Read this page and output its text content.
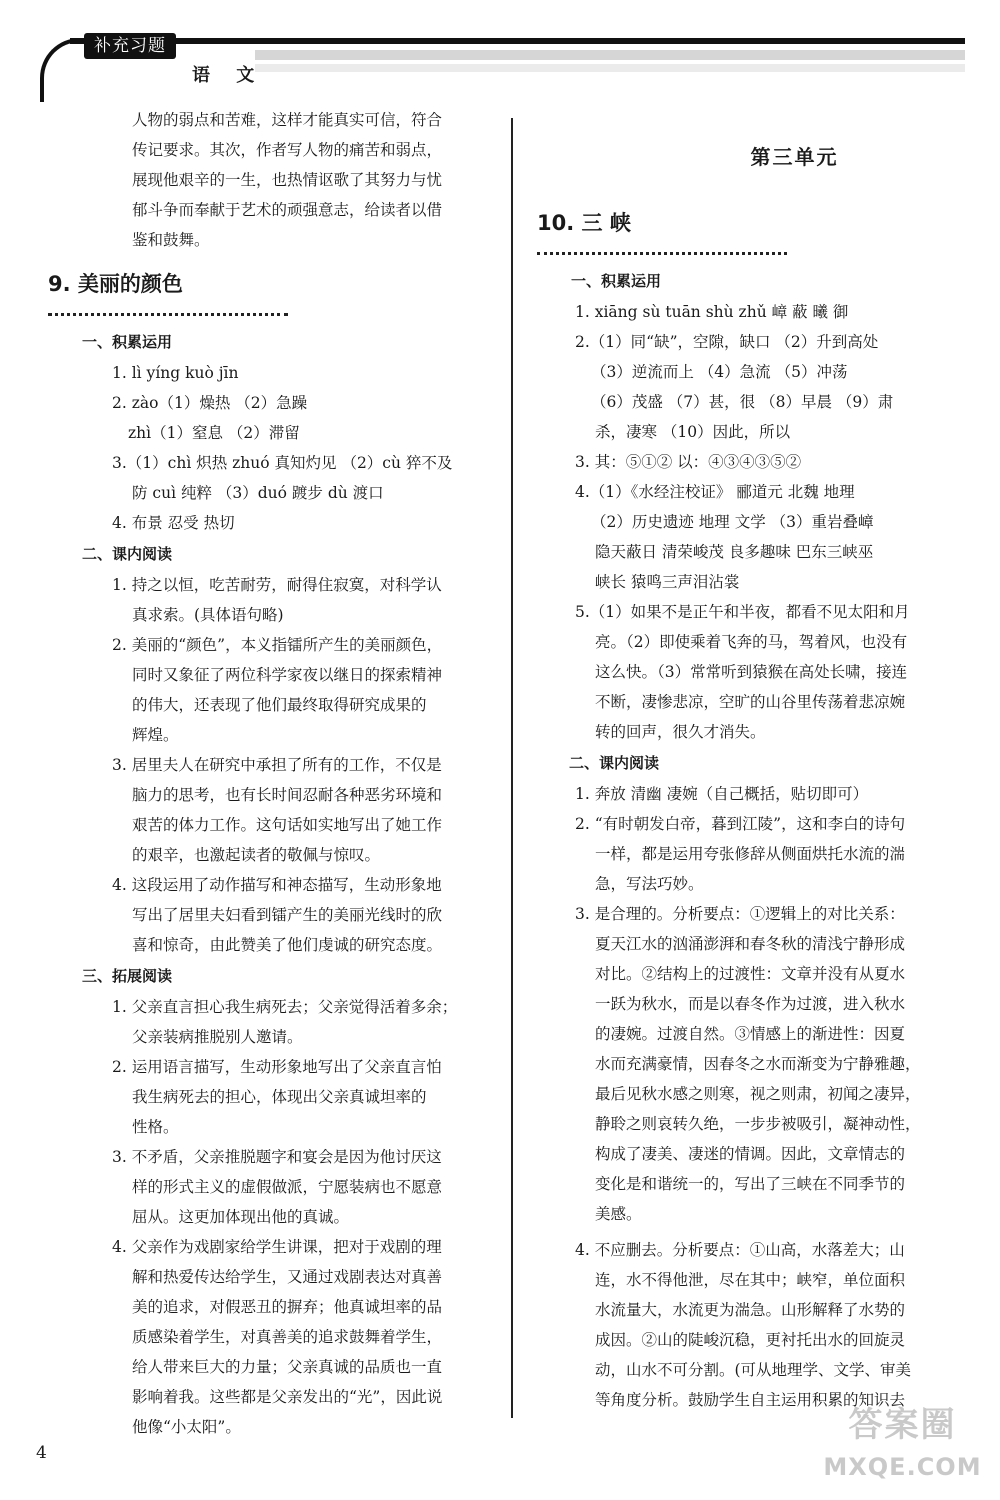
补充习题
语 文
人物的弱点和苦难，这样才能真实可信，符合
传记要求。其次，作者写人物的痛苦和弱点，
展现他艰辛的一生，也热情讴歌了其努力与忧
郁斗争而奉献于艺术的顽强意志，给读者以借
鉴和鼓舞。
9. 美丽的颜色
一、积累运用
1. lì yíng kuò jīn
2. zào（1）燥热 （2）急躁
zhì（1）窒息 （2）滞留
3.（1）chì 炽热 zhuó 真知灼见 （2）cù 猝不及
防 cuì 纯粹 （3）duó 踱步 dù 渡口
4. 布景 忍受 热切
二、课内阅读
1. 持之以恒，吃苦耐劳，耐得住寂寞，对科学认
真求索。(具体语句略)
2. 美丽的“颜色”，本义指镭所产生的美丽颜色，
同时又象征了两位科学家夜以继日的探索精神
的伟大，还表现了他们最终取得研究成果的
辉煌。
3. 居里夫人在研究中承担了所有的工作，不仅是
脑力的思考，也有长时间忍耐各种恶劣环境和
艰苦的体力工作。这句话如实地写出了她工作
的艰辛，也激起读者的敬佩与惊叹。
4. 这段运用了动作描写和神态描写，生动形象地
写出了居里夫妇看到镭产生的美丽光线时的欣
喜和惊奇，由此赞美了他们虔诚的研究态度。
三、拓展阅读
1. 父亲直言担心我生病死去；父亲觉得活着多余；
父亲装病推脱别人邀请。
2. 运用语言描写，生动形象地写出了父亲直言怕
我生病死去的担心，体现出父亲真诚坦率的
性格。
3. 不矛盾，父亲推脱题字和宴会是因为他讨厌这
样的形式主义的虚假做派，宁愿装病也不愿意
屈从。这更加体现出他的真诚。
4. 父亲作为戏剧家给学生讲课，把对于戏剧的理
解和热爱传达给学生，又通过戏剧表达对真善
美的追求，对假恶丑的摒弃；他真诚坦率的品
质感染着学生，对真善美的追求鼓舞着学生，
给人带来巨大的力量；父亲真诚的品质也一直
影响着我。这些都是父亲发出的“光”，因此说
他像“小太阳”。
第三单元
10. 三 峡
一、积累运用
1. xiāng sù tuān shù zhǔ 嶂 蔽 曦 御
2.（1）同“缺”，空隙，缺口 （2）升到高处
（3）逆流而上 （4）急流 （5）冲荡
（6）茂盛 （7）甚，很 （8）早晨 （9）肃
杀，凄寒 （10）因此，所以
3. 其：⑤①② 以：④③④③⑤②
4.（1）《水经注校证》 郦道元 北魏 地理
（2）历史遗迹 地理 文学 （3）重岩叠嶂
隐天蔽日 清荣峻茂 良多趣味 巴东三峡巫
峡长 猿鸣三声泪沾裳
5.（1）如果不是正午和半夜，都看不见太阳和月
亮。（2）即使乘着飞奔的马，驾着风，也没有
这么快。（3）常常听到猿猴在高处长啸，接连
不断，凄惨悲凉，空旷的山谷里传荡着悲凉婉
转的回声，很久才消失。
二、课内阅读
1. 奔放 清幽 凄婉（自己概括，贴切即可）
2. “有时朝发白帝，暮到江陵”，这和李白的诗句
一样，都是运用夸张修辞从侧面烘托水流的湍
急，写法巧妙。
3. 是合理的。分析要点：①逻辑上的对比关系：
夏天江水的汹涌澎湃和春冬秋的清浅宁静形成
对比。②结构上的过渡性：文章并没有从夏水
一跃为秋水，而是以春冬作为过渡，进入秋水
的凄婉。过渡自然。③情感上的渐进性：因夏
水而充满豪情，因春冬之水而渐变为宁静雅趣，
最后见秋水感之则寒，视之则肃，初闻之凄异，
静聆之则哀转久绝，一步步被吸引，凝神动性，
构成了凄美、凄迷的情调。因此，文章情志的
变化是和谐统一的，写出了三峡在不同季节的
美感。
4. 不应删去。分析要点：①山高，水落差大；山
连，水不得他泄，尽在其中；峡窄，单位面积
水流量大，水流更为湍急。山形解释了水势的
成因。②山的陡峻沉稳，更衬托出水的回旋灵
动，山水不可分割。(可从地理学、文学、审美
等角度分析。鼓励学生自主运用积累的知识去
4
答案圈
MXQE.COM
